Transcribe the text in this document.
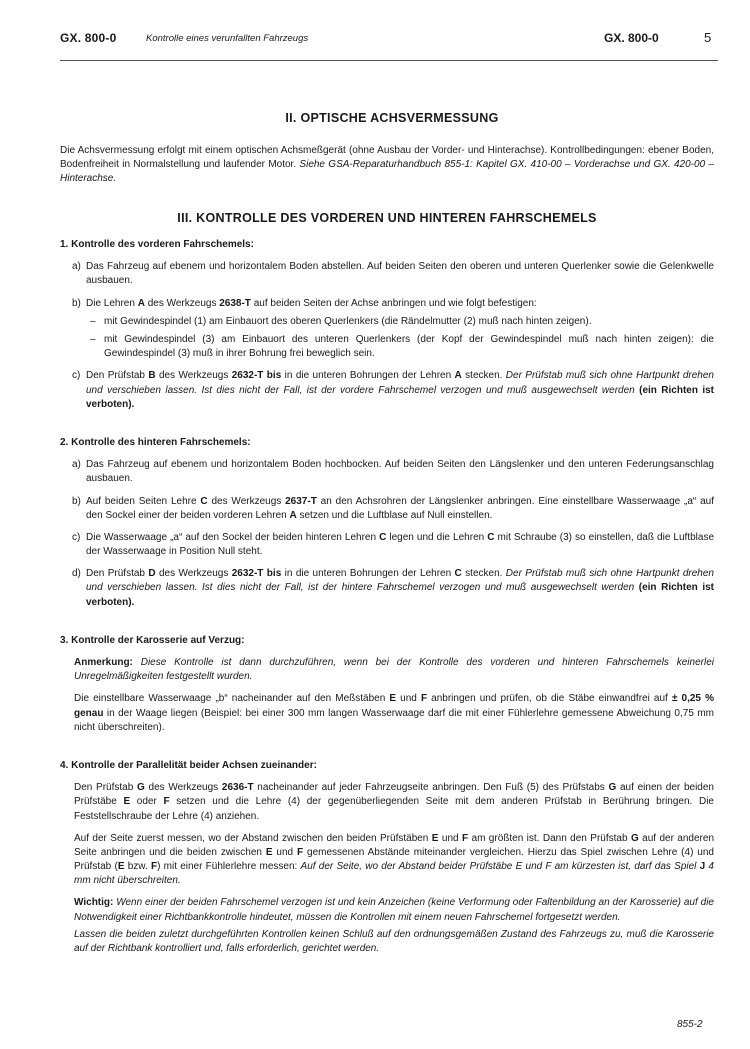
GX. 800-0	Kontrolle eines verunfallten Fahrzeugs	GX. 800-0	5
II. OPTISCHE ACHSVERMESSUNG

Die Achsvermessung erfolgt mit einem optischen Achsmeßgerät (ohne Ausbau der Vorder- und Hinterachse). Kontrollbedingungen: ebener Boden, Bodenfreiheit in Normalstellung und laufender Motor. Siehe GSA-Reparaturhandbuch 855-1: Kapitel GX. 410-00 – Vorderachse und GX. 420-00 – Hinterachse.

III. KONTROLLE DES VORDEREN UND HINTEREN FAHRSCHEMELS
1. Kontrolle des vorderen Fahrschemels:
a) Das Fahrzeug auf ebenem und horizontalem Boden abstellen. Auf beiden Seiten den oberen und unteren Querlenker sowie die Gelenkwelle ausbauen.
b) Die Lehren A des Werkzeugs 2638-T auf beiden Seiten der Achse anbringen und wie folgt befestigen:
– mit Gewindespindel (1) am Einbauort des oberen Querlenkers (die Rändelmutter (2) muß nach hinten zeigen).
– mit Gewindespindel (3) am Einbauort des unteren Querlenkers (der Kopf der Gewindespindel muß nach hinten zeigen): die Gewindespindel (3) muß in ihrer Bohrung frei beweglich sein.
c) Den Prüfstab B des Werkzeugs 2632-T bis in die unteren Bohrungen der Lehren A stecken. Der Prüfstab muß sich ohne Hartpunkt drehen und verschieben lassen. Ist dies nicht der Fall, ist der vordere Fahrschemel verzogen und muß ausgewechselt werden (ein Richten ist verboten).
2. Kontrolle des hinteren Fahrschemels:
a) Das Fahrzeug auf ebenem und horizontalem Boden hochbocken. Auf beiden Seiten den Längslenker und den unteren Federungsanschlag ausbauen.
b) Auf beiden Seiten Lehre C des Werkzeugs 2637-T an den Achsrohren der Längslenker anbringen. Eine einstellbare Wasserwaage „a“ auf den Sockel einer der beiden vorderen Lehren A setzen und die Luftblase auf Null einstellen.
c) Die Wasserwaage „a“ auf den Sockel der beiden hinteren Lehren C legen und die Lehren C mit Schraube (3) so einstellen, daß die Luftblase der Wasserwaage in Position Null steht.
d) Den Prüfstab D des Werkzeugs 2632-T bis in die unteren Bohrungen der Lehren C stecken. Der Prüfstab muß sich ohne Hartpunkt drehen und verschieben lassen. Ist dies nicht der Fall, ist der hintere Fahrschemel verzogen und muß ausgewechselt werden (ein Richten ist verboten).
3. Kontrolle der Karosserie auf Verzug:

Anmerkung: Diese Kontrolle ist dann durchzuführen, wenn bei der Kontrolle des vorderen und hinteren Fahrschemels keinerlei Unregelmäßigkeiten festgestellt wurden.

Die einstellbare Wasserwaage „b“ nacheinander auf den Meßstäben E und F anbringen und prüfen, ob die Stäbe einwandfrei auf ± 0,25 % genau in der Waage liegen (Beispiel: bei einer 300 mm langen Wasserwaage darf die mit einer Fühlerlehre gemessene Abweichung 0,75 mm nicht überschreiten).

4. Kontrolle der Parallelität beider Achsen zueinander:

Den Prüfstab G des Werkzeugs 2636-T nacheinander auf jeder Fahrzeugseite anbringen. Den Fuß (5) des Prüfstabs G auf einen der beiden Prüfstäbe E oder F setzen und die Lehre (4) der gegenüberliegenden Seite mit dem anderen Prüfstab in Berührung bringen. Die Feststellschraube der Lehre (4) anziehen.

Auf der Seite zuerst messen, wo der Abstand zwischen den beiden Prüfstäben E und F am größten ist. Dann den Prüfstab G auf der anderen Seite anbringen und die beiden zwischen E und F gemessenen Abstände miteinander vergleichen. Hierzu das Spiel zwischen Lehre (4) und Prüfstab (E bzw. F) mit einer Fühlerlehre messen: Auf der Seite, wo der Abstand beider Prüfstäbe E und F am kürzesten ist, darf das Spiel J 4 mm nicht überschreiten.

Wichtig: Wenn einer der beiden Fahrschemel verzogen ist und kein Anzeichen (keine Verformung oder Faltenbildung an der Karosserie) auf die Notwendigkeit einer Richtbankkontrolle hindeutet, müssen die Kontrollen mit einem neuen Fahrschemel fortgesetzt werden.

Lassen die beiden zuletzt durchgeführten Kontrollen keinen Schluß auf den ordnungsgemäßen Zustand des Fahrzeugs zu, muß die Karosserie auf der Richtbank kontrolliert und, falls erforderlich, gerichtet werden.

855-2
